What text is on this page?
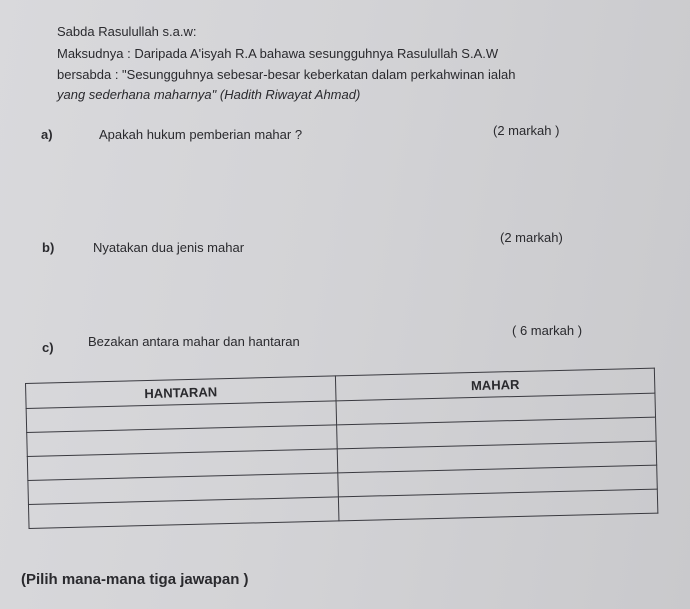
Sabda Rasulullah s.a.w:
Maksudnya : Daripada A'isyah R.A bahawa sesungguhnya Rasulullah S.A.W
bersabda : "Sesungguhnya sebesar-besar keberkatan dalam perkahwinan ialah
yang sederhana maharnya" (Hadith Riwayat Ahmad)
a)	Apakah hukum pemberian mahar ?	(2 markah )
b)	Nyatakan dua jenis mahar
(2 markah)
c)	Bezakan antara mahar dan hantaran
( 6 markah )
HANTARAN	MAHAR

(Pilih mana-mana tiga jawapan )
